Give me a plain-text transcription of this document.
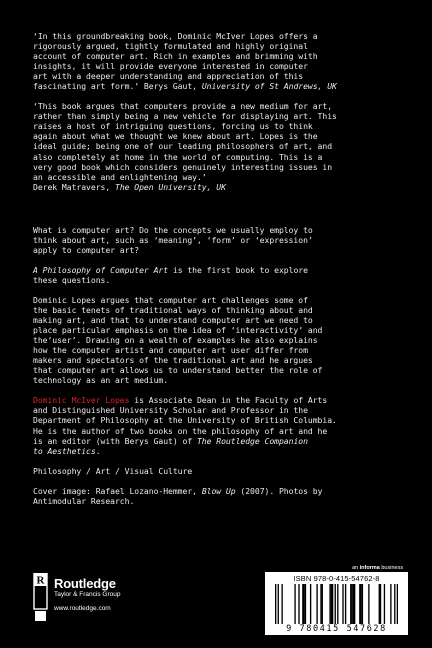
‘In this groundbreaking book, Dominic McIver Lopes offers a
rigorously argued, tightly formulated and highly original
account of computer art. Rich in examples and brimming with
insights, it will provide everyone interested in computer
art with a deeper understanding and appreciation of this
fascinating art form.’ Berys Gaut, University of St Andrews, UK

‘This book argues that computers provide a new medium for art,
rather than simply being a new vehicle for displaying art. This
raises a host of intriguing questions, forcing us to think
again about what we thought we knew about art. Lopes is the
ideal guide; being one of our leading philosophers of art, and
also completely at home in the world of computing. This is a
very good book which considers genuinely interesting issues in
an accessible and enlightening way.’
Derek Matravers, The Open University, UK

What is computer art? Do the concepts we usually employ to
think about art, such as ‘meaning’, ‘form’ or ‘expression’
apply to computer art?

A Philosophy of Computer Art is the first book to explore
these questions.

Dominic Lopes argues that computer art challenges some of
the basic tenets of traditional ways of thinking about and
making art, and that to understand computer art we need to
place particular emphasis on the idea of ‘interactivity’ and
the‘user’. Drawing on a wealth of examples he also explains
how the computer artist and computer art user differ from
makers and spectators of the traditional art and he argues
that computer art allows us to understand better the role of
technology as an art medium.

Dominic McIver Lopes is Associate Dean in the Faculty of Arts
and Distinguished University Scholar and Professor in the
Department of Philosophy at the University of British Columbia.
He is the author of two books on the philosophy of art and he
is an editor (with Berys Gaut) of The Routledge Companion
to Aesthetics.

Philosophy / Art / Visual Culture

Cover image: Rafael Lozano-Hemmer, Blow Up (2007). Photos by
Antimodular Research.

R Routledge
Taylor & Francis Group
www.routledge.com
an informa business
ISBN 978-0-415-54762-8
9 780415 547628
